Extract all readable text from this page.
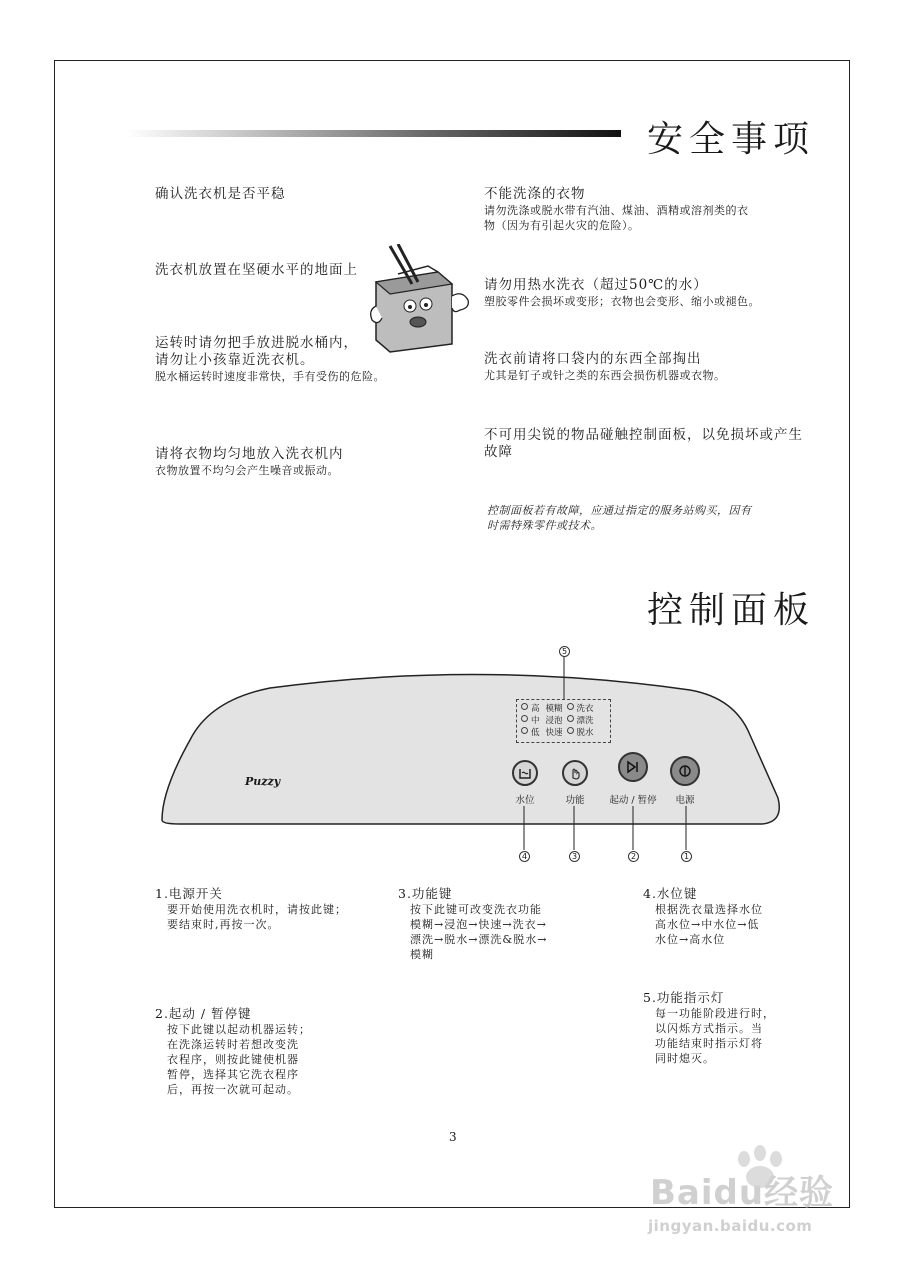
安全事项
确认洗衣机是否平稳
洗衣机放置在坚硬水平的地面上
运转时请勿把手放进脱水桶内，
请勿让小孩靠近洗衣机。
脱水桶运转时速度非常快，手有受伤的危险。
请将衣物均匀地放入洗衣机内
衣物放置不均匀会产生噪音或振动。
不能洗涤的衣物
请勿洗涤或脱水带有汽油、煤油、酒精或溶剂类的衣
物（因为有引起火灾的危险）。
请勿用热水洗衣（超过50℃的水）
塑胶零件会损坏或变形；衣物也会变形、缩小或褪色。
洗衣前请将口袋内的东西全部掏出
尤其是钉子或针之类的东西会损伤机器或衣物。
不可用尖锐的物品碰触控制面板，以免损坏或产生
故障
控制面板若有故障，应通过指定的服务站购买，因有
时需特殊零件或技术。
控制面板
5
高 模糊 洗衣
中 浸泡 漂洗
低 快速 脱水
Puzzy
水位	功能	起动 / 暂停	电源
4	3	2	1
1.电源开关
要开始使用洗衣机时，请按此键；
要结束时,再按一次。
3.功能键
按下此键可改变洗衣功能
模糊→浸泡→快速→洗衣→
漂洗→脱水→漂洗&脱水→
模糊
4.水位键
根据洗衣量选择水位
高水位→中水位→低
水位→高水位
2.起动 / 暂停键
按下此键以起动机器运转；
在洗涤运转时若想改变洗
衣程序，则按此键使机器
暂停，选择其它洗衣程序
后，再按一次就可起动。
5.功能指示灯
每一功能阶段进行时，
以闪烁方式指示。当
功能结束时指示灯将
同时熄灭。
3
Baidu经验
jingyan.baidu.com
